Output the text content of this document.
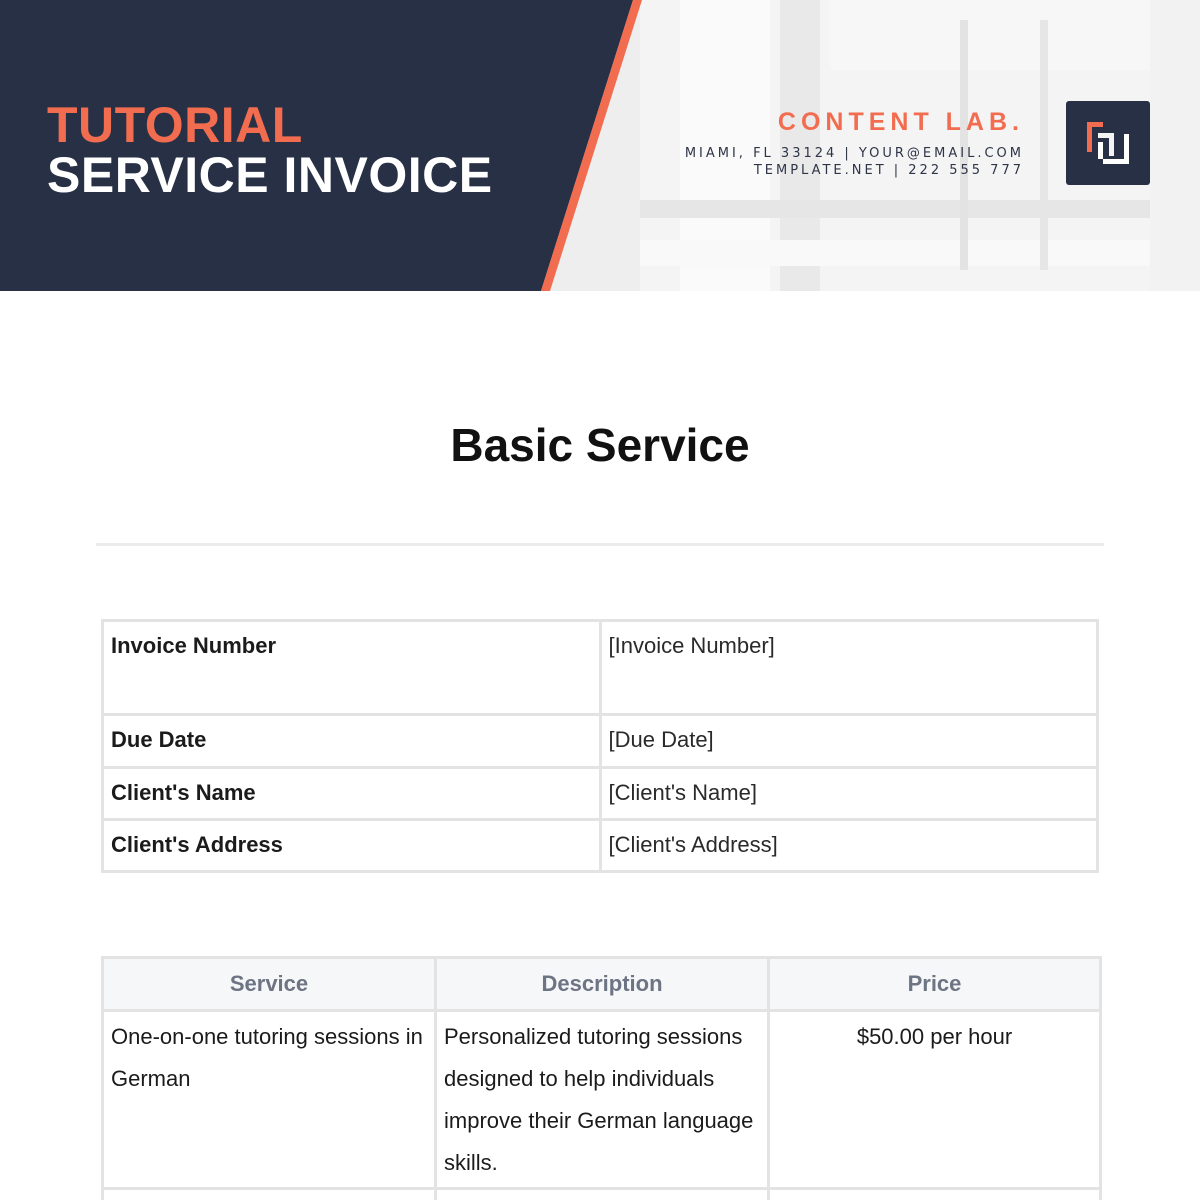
TUTORIAL
SERVICE INVOICE
CONTENT LAB.
MIAMI, FL 33124 | YOUR@EMAIL.COM
TEMPLATE.NET | 222 555 777
Basic Service
Invoice Number	[Invoice Number]
Due Date	[Due Date]
Client's Name	[Client's Name]
Client's Address	[Client's Address]
Service	Description	Price
One-on-one tutoring sessions in German	Personalized tutoring sessions designed to help individuals improve their German language skills.	$50.00 per hour
